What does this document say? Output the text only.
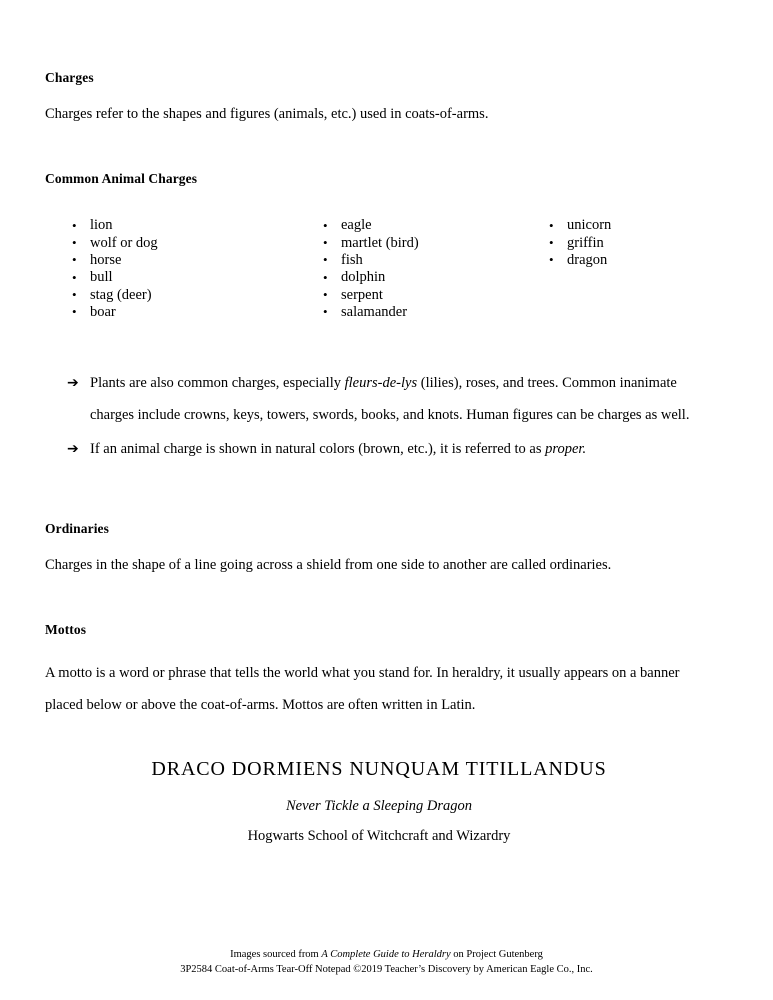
Charges

Charges refer to the shapes and figures (animals, etc.) used in coats-of-arms.

Common Animal Charges
• lion
• wolf or dog
• horse
• bull
• stag (deer)
• boar
• eagle
• martlet (bird)
• fish
• dolphin
• serpent
• salamander
• unicorn
• griffin
• dragon
➔ Plants are also common charges, especially fleurs-de-lys (lilies), roses, and trees. Common inanimate charges include crowns, keys, towers, swords, books, and knots. Human figures can be charges as well.
➔ If an animal charge is shown in natural colors (brown, etc.), it is referred to as proper.
Ordinaries

Charges in the shape of a line going across a shield from one side to another are called ordinaries.

Mottos

A motto is a word or phrase that tells the world what you stand for. In heraldry, it usually appears on a banner placed below or above the coat-of-arms. Mottos are often written in Latin.

DRACO DORMIENS NUNQUAM TITILLANDUS
Never Tickle a Sleeping Dragon
Hogwarts School of Witchcraft and Wizardry
Images sourced from A Complete Guide to Heraldry on Project Gutenberg
3P2584 Coat-of-Arms Tear-Off Notepad ©2019 Teacher’s Discovery by American Eagle Co., Inc.
